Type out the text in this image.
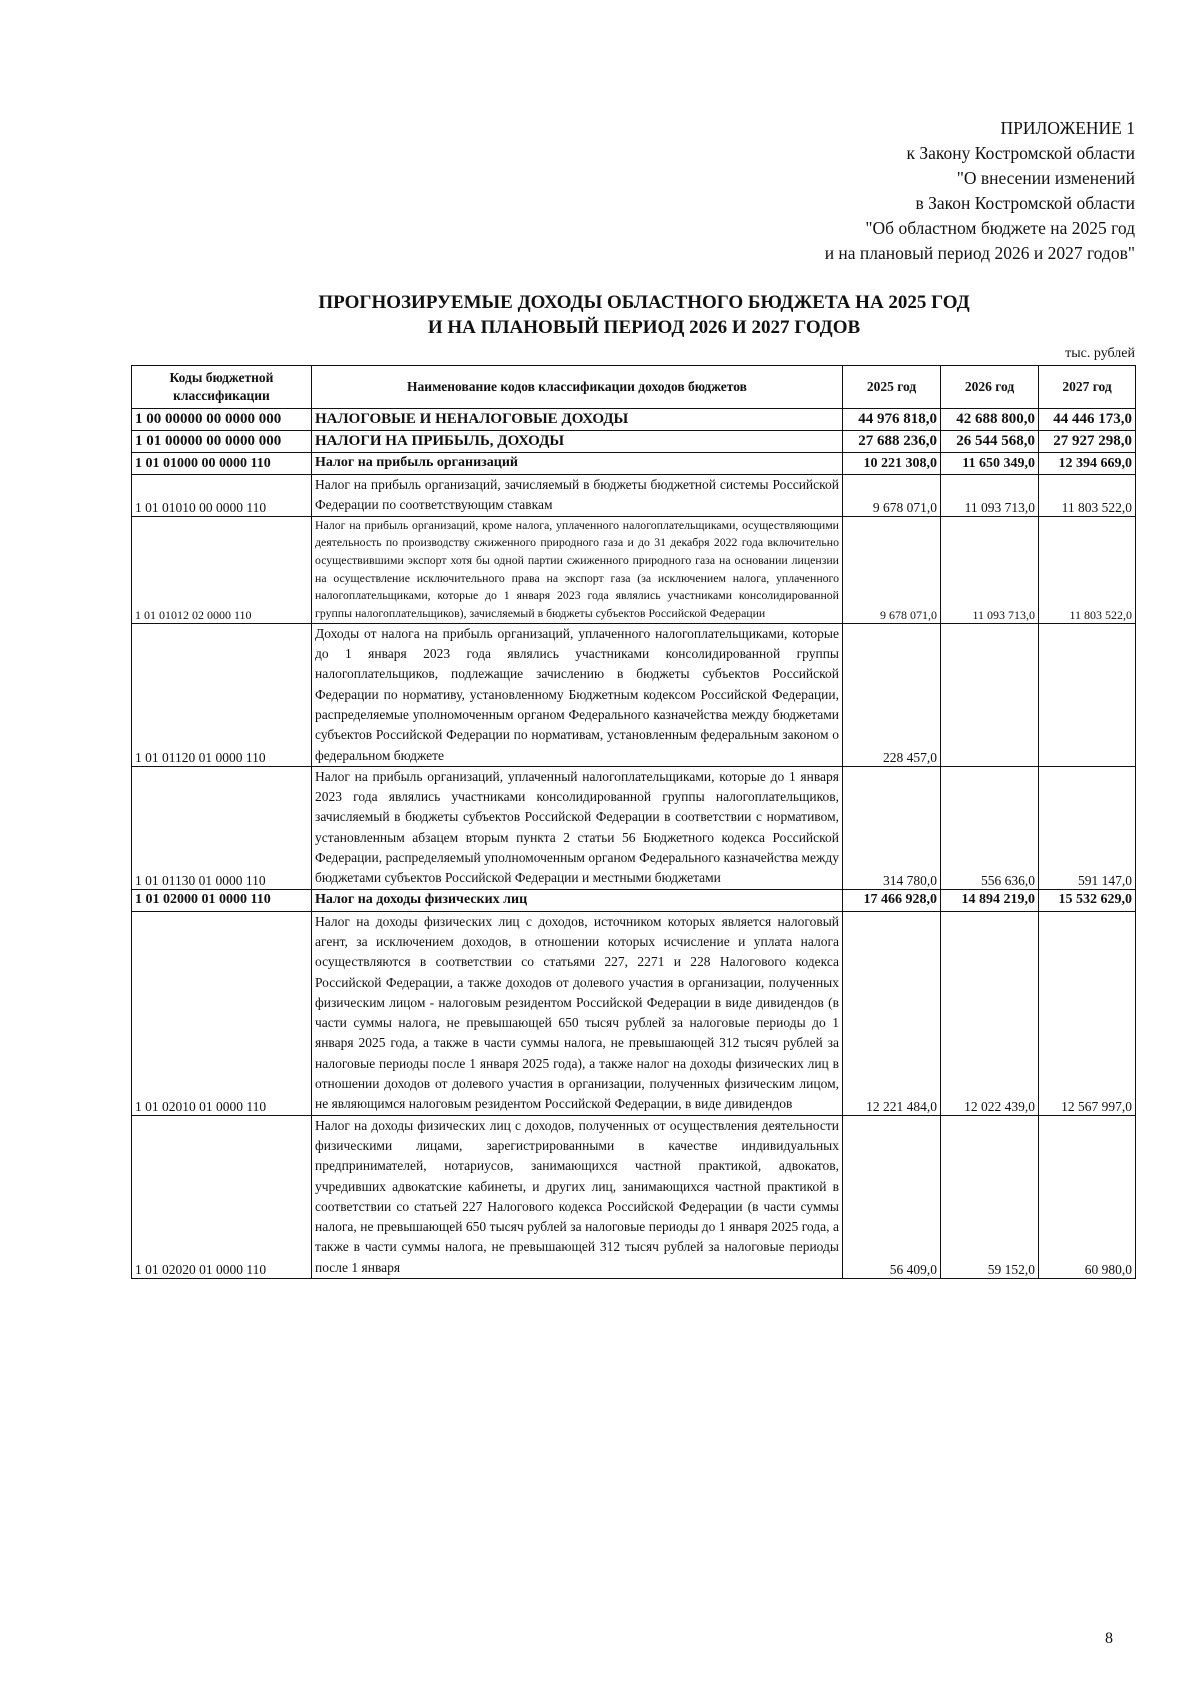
ПРИЛОЖЕНИЕ 1
к Закону Костромской области
"О внесении изменений
в Закон Костромской области
"Об областном бюджете на 2025 год
и на плановый период 2026 и 2027 годов"
ПРОГНОЗИРУЕМЫЕ ДОХОДЫ ОБЛАСТНОГО БЮДЖЕТА НА 2025 ГОД
И НА ПЛАНОВЫЙ ПЕРИОД 2026 И 2027 ГОДОВ
тыс. рублей
Коды бюджетной классификации	Наименование кодов классификации доходов бюджетов	2025 год	2026 год	2027 год
1 00 00000 00 0000 000	НАЛОГОВЫЕ И НЕНАЛОГОВЫЕ ДОХОДЫ	44 976 818,0	42 688 800,0	44 446 173,0
1 01 00000 00 0000 000	НАЛОГИ НА ПРИБЫЛЬ, ДОХОДЫ	27 688 236,0	26 544 568,0	27 927 298,0
1 01 01000 00 0000 110	Налог на прибыль организаций	10 221 308,0	11 650 349,0	12 394 669,0
1 01 01010 00 0000 110	Налог на прибыль организаций, зачисляемый в бюджеты бюджетной системы Российской Федерации по соответствующим ставкам	9 678 071,0	11 093 713,0	11 803 522,0
1 01 01012 02 0000 110	Налог на прибыль организаций, кроме налога, уплаченного налогоплательщиками, осуществляющими деятельность по производству сжиженного природного газа и до 31 декабря 2022 года включительно осуществившими экспорт хотя бы одной партии сжиженного природного газа на основании лицензии на осуществление исключительного права на экспорт газа (за исключением налога, уплаченного налогоплательщиками, которые до 1 января 2023 года являлись участниками консолидированной группы налогоплательщиков), зачисляемый в бюджеты субъектов Российской Федерации	9 678 071,0	11 093 713,0	11 803 522,0
1 01 01120 01 0000 110	Доходы от налога на прибыль организаций, уплаченного налогоплательщиками, которые до 1 января 2023 года являлись участниками консолидированной группы налогоплательщиков, подлежащие зачислению в бюджеты субъектов Российской Федерации по нормативу, установленному Бюджетным кодексом Российской Федерации, распределяемые уполномоченным органом Федерального казначейства между бюджетами субъектов Российской Федерации по нормативам, установленным федеральным законом о федеральном бюджете	228 457,0		
1 01 01130 01 0000 110	Налог на прибыль организаций, уплаченный налогоплательщиками, которые до 1 января 2023 года являлись участниками консолидированной группы налогоплательщиков, зачисляемый в бюджеты субъектов Российской Федерации в соответствии с нормативом, установленным абзацем вторым пункта 2 статьи 56 Бюджетного кодекса Российской Федерации, распределяемый уполномоченным органом Федерального казначейства между бюджетами субъектов Российской Федерации и местными бюджетами	314 780,0	556 636,0	591 147,0
1 01 02000 01 0000 110	Налог на доходы физических лиц	17 466 928,0	14 894 219,0	15 532 629,0
1 01 02010 01 0000 110	Налог на доходы физических лиц с доходов, источником которых является налоговый агент, за исключением доходов, в отношении которых исчисление и уплата налога осуществляются в соответствии со статьями 227, 2271 и 228 Налогового кодекса Российской Федерации, а также доходов от долевого участия в организации, полученных физическим лицом - налоговым резидентом Российской Федерации в виде дивидендов (в части суммы налога, не превышающей 650 тысяч рублей за налоговые периоды до 1 января 2025 года, а также в части суммы налога, не превышающей 312 тысяч рублей за налоговые периоды после 1 января 2025 года), а также налог на доходы физических лиц в отношении доходов от долевого участия в организации, полученных физическим лицом, не являющимся налоговым резидентом Российской Федерации, в виде дивидендов	12 221 484,0	12 022 439,0	12 567 997,0
1 01 02020 01 0000 110	Налог на доходы физических лиц с доходов, полученных от осуществления деятельности физическими лицами, зарегистрированными в качестве индивидуальных предпринимателей, нотариусов, занимающихся частной практикой, адвокатов, учредивших адвокатские кабинеты, и других лиц, занимающихся частной практикой в соответствии со статьей 227 Налогового кодекса Российской Федерации (в части суммы налога, не превышающей 650 тысяч рублей за налоговые периоды до 1 января 2025 года, а также в части суммы налога, не превышающей 312 тысяч рублей за налоговые периоды после 1 января	56 409,0	59 152,0	60 980,0
8
